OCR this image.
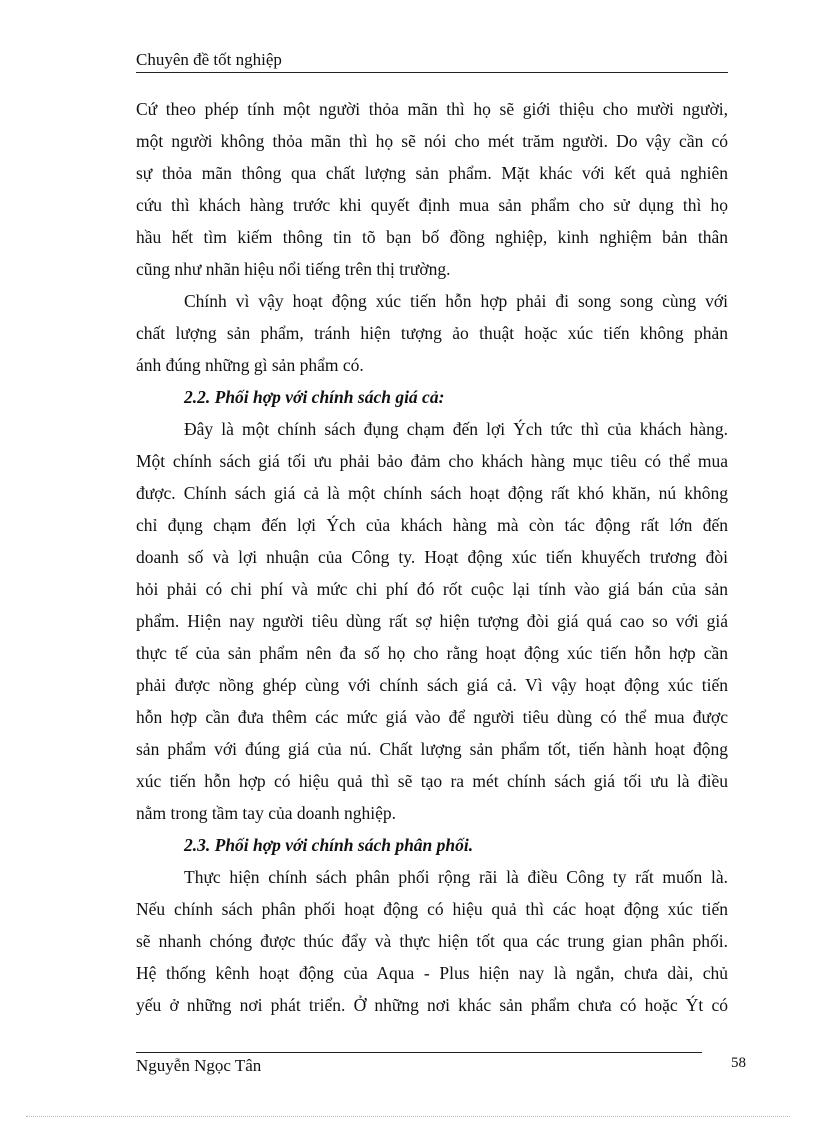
Chuyên đề tốt nghiệp
Cứ theo phép tính một người thỏa mãn thì họ sẽ giới thiệu cho mười người,
một người không thỏa mãn thì họ sẽ nói cho mét trăm người. Do vậy cần có
sự thỏa mãn thông qua chất lượng sản phẩm. Mặt khác với kết quả nghiên
cứu thì khách hàng trước khi quyết định mua sản phẩm cho sử dụng thì họ
hầu hết tìm kiếm thông tin tõ bạn bố đồng nghiệp, kinh nghiệm bản thân
cũng như nhãn hiệu nổi tiếng trên thị trường.
Chính vì vậy hoạt động xúc tiến hỗn hợp phải đi song song cùng với
chất lượng sản phẩm, tránh hiện tượng ảo thuật hoặc xúc tiến không phản
ánh đúng những gì sản phẩm có.
2.2. Phối hợp với chính sách giá cả:
Đây là một chính sách đụng chạm đến lợi Ých tức thì của khách hàng.
Một chính sách giá tối ưu phải bảo đảm cho khách hàng mục tiêu có thể mua
được. Chính sách giá cả là một chính sách hoạt động rất khó khăn, nú không
chỉ đụng chạm đến lợi Ých của khách hàng mà còn tác động rất lớn đến
doanh số và lợi nhuận của Công ty. Hoạt động xúc tiến khuyếch trương đòi
hỏi phải có chi phí và mức chi phí đó rốt cuộc lại tính vào giá bán của sản
phẩm. Hiện nay người tiêu dùng rất sợ hiện tượng đòi giá quá cao so với giá
thực tế của sản phẩm nên đa số họ cho rằng hoạt động xúc tiến hỗn hợp cần
phải được nồng ghép cùng với chính sách giá cả. Vì vậy hoạt động xúc tiến
hỗn hợp cần đưa thêm các mức giá vào để người tiêu dùng có thể mua được
sản phẩm với đúng giá của nú. Chất lượng sản phẩm tốt, tiến hành hoạt động
xúc tiến hỗn hợp có hiệu quả thì sẽ tạo ra mét chính sách giá tối ưu là điều
nằm trong tầm tay của doanh nghiệp.
2.3. Phối hợp với chính sách phân phối.
Thực hiện chính sách phân phối rộng rãi là điều Công ty rất muốn là.
Nếu chính sách phân phối hoạt động có hiệu quả thì các hoạt động xúc tiến
sẽ nhanh chóng được thúc đẩy và thực hiện tốt qua các trung gian phân phối.
Hệ thống kênh hoạt động của Aqua - Plus hiện nay là ngắn, chưa dài, chủ
yếu ở những nơi phát triển. Ở những nơi khác sản phẩm chưa có hoặc Ýt có
Nguyễn Ngọc Tân	58
